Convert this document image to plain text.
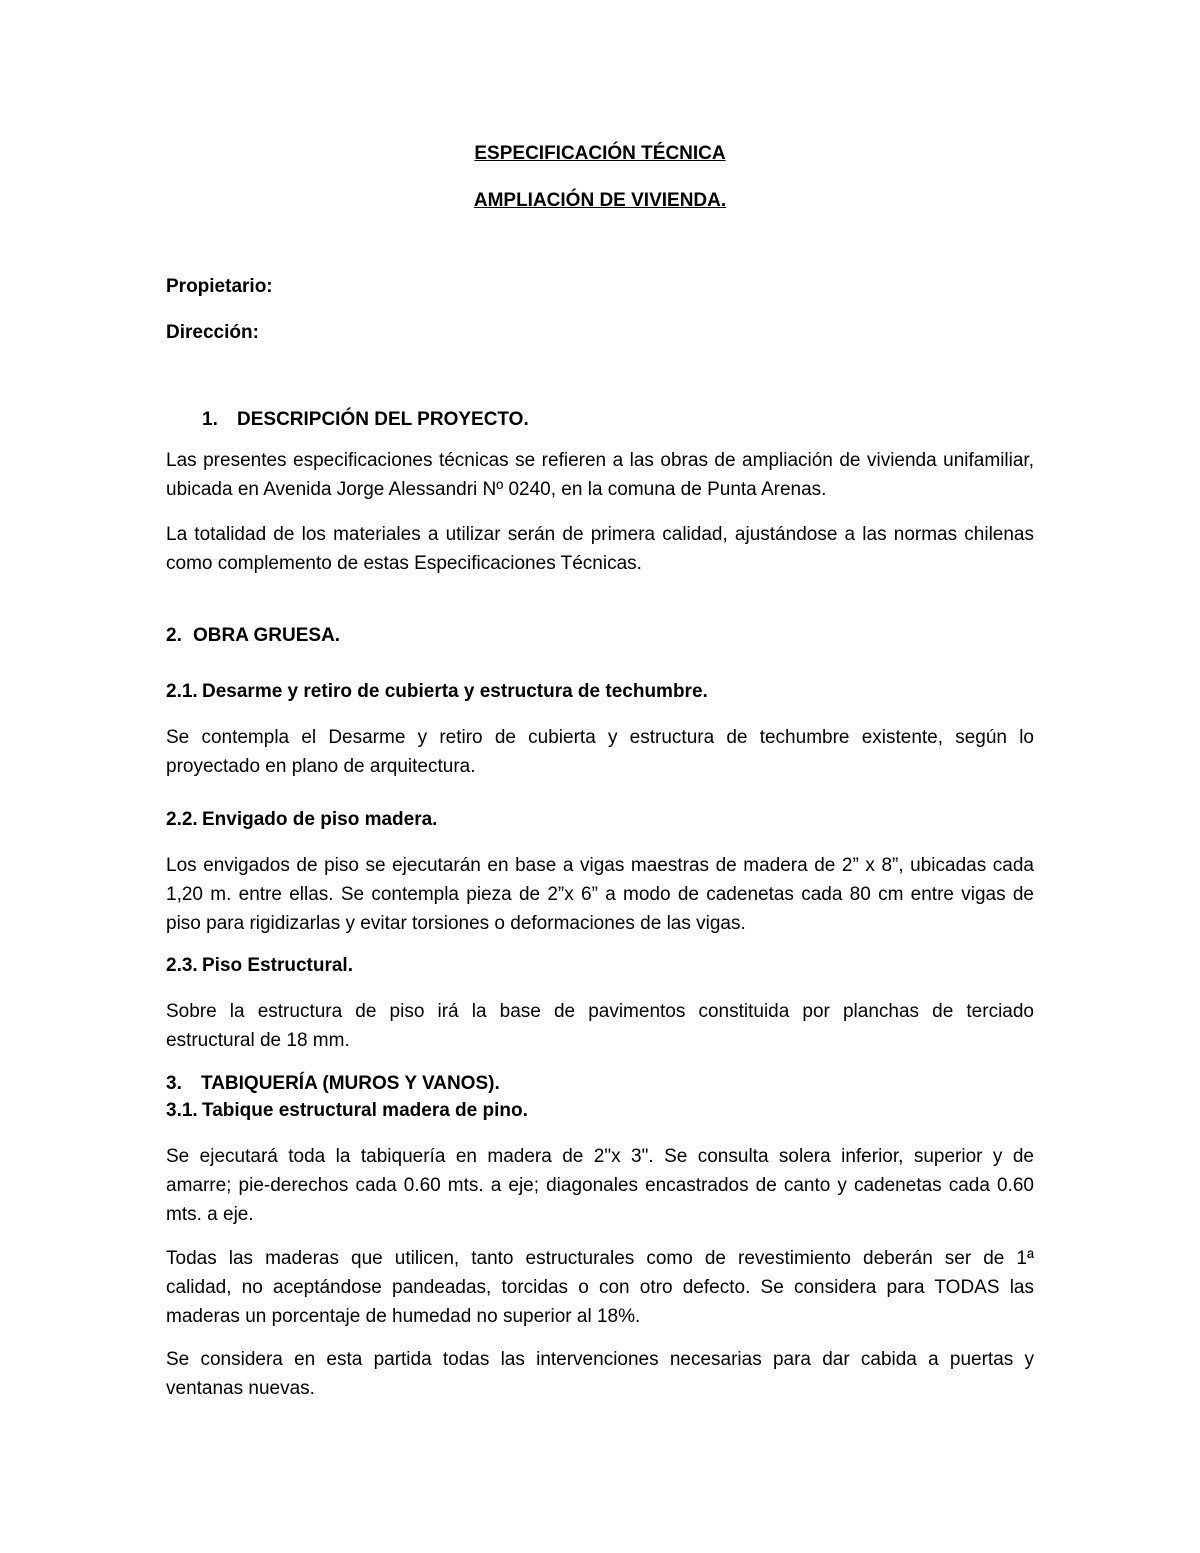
ESPECIFICACIÓN TÉCNICA
AMPLIACIÓN DE VIVIENDA.
Propietario:
Dirección:
1. DESCRIPCIÓN DEL PROYECTO.
Las presentes especificaciones técnicas se refieren a las obras de ampliación de vivienda unifamiliar,
ubicada en Avenida Jorge Alessandri Nº 0240, en la comuna de Punta Arenas.
La totalidad de los materiales a utilizar serán de primera calidad, ajustándose a las normas chilenas
como complemento de estas Especificaciones Técnicas.
2. OBRA GRUESA.
2.1. Desarme y retiro de cubierta y estructura de techumbre.
Se contempla el Desarme y retiro de cubierta y estructura de techumbre existente, según lo
proyectado en plano de arquitectura.
2.2. Envigado de piso madera.
Los envigados de piso se ejecutarán en base a vigas maestras de madera de 2” x 8”, ubicadas cada
1,20 m. entre ellas. Se contempla pieza de 2”x 6” a modo de cadenetas cada 80 cm entre vigas de
piso para rigidizarlas y evitar torsiones o deformaciones de las vigas.
2.3. Piso Estructural.
Sobre la estructura de piso irá la base de pavimentos constituida por planchas de terciado
estructural de 18 mm.
3. TABIQUERÍA (MUROS Y VANOS).
3.1. Tabique estructural madera de pino.
Se ejecutará toda la tabiquería en madera de 2"x 3". Se consulta solera inferior, superior y de
amarre; pie-derechos cada 0.60 mts. a eje; diagonales encastrados de canto y cadenetas cada 0.60
mts. a eje.
Todas las maderas que utilicen, tanto estructurales como de revestimiento deberán ser de 1ª
calidad, no aceptándose pandeadas, torcidas o con otro defecto. Se considera para TODAS las
maderas un porcentaje de humedad no superior al 18%.
Se considera en esta partida todas las intervenciones necesarias para dar cabida a puertas y
ventanas nuevas.
